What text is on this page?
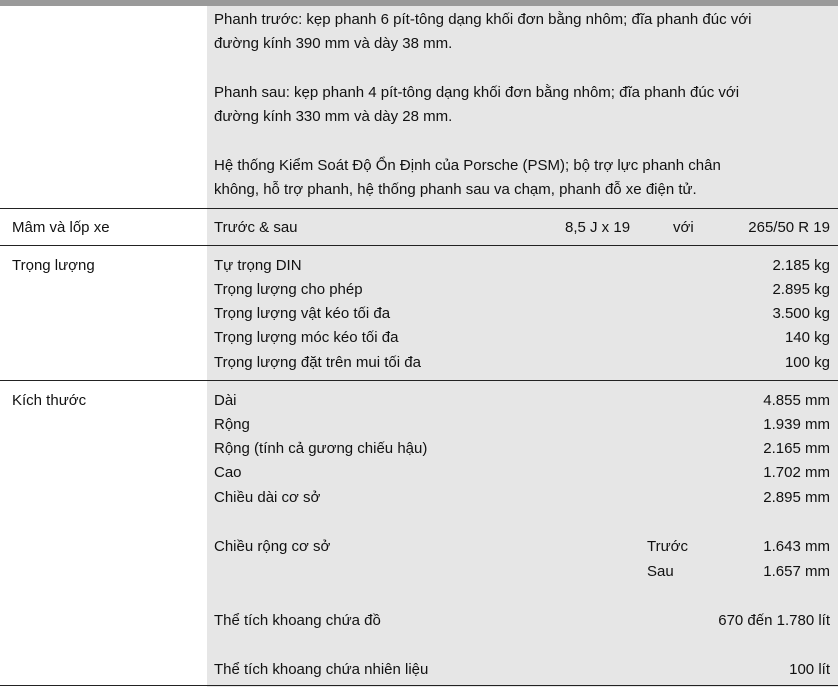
Phanh trước: kẹp phanh 6 pít-tông dạng khối đơn bằng nhôm; đĩa phanh đúc với
đường kính 390 mm và dày 38 mm.
Phanh sau: kẹp phanh 4 pít-tông dạng khối đơn bằng nhôm; đĩa phanh đúc với
đường kính 330 mm và dày 28 mm.
Hệ thống Kiểm Soát Độ Ổn Định của Porsche (PSM); bộ trợ lực phanh chân
không, hỗ trợ phanh, hệ thống phanh sau va chạm, phanh đỗ xe điện tử.
Mâm và lốp xe	Trước & sau	8,5 J x 19	với	265/50 R 19
Trọng lượng	Tự trọng DIN	2.185 kg
Trọng lượng cho phép	2.895 kg
Trọng lượng vật kéo tối đa	3.500 kg
Trọng lượng móc kéo tối đa	140 kg
Trọng lượng đặt trên mui tối đa	100 kg
Kích thước	Dài	4.855 mm
Rộng	1.939 mm
Rộng (tính cả gương chiếu hậu)	2.165 mm
Cao	1.702 mm
Chiều dài cơ sở	2.895 mm
Chiều rộng cơ sở	Trước	1.643 mm
Sau	1.657 mm
Thể tích khoang chứa đồ	670 đến 1.780 lít
Thể tích khoang chứa nhiên liệu	100 lít
